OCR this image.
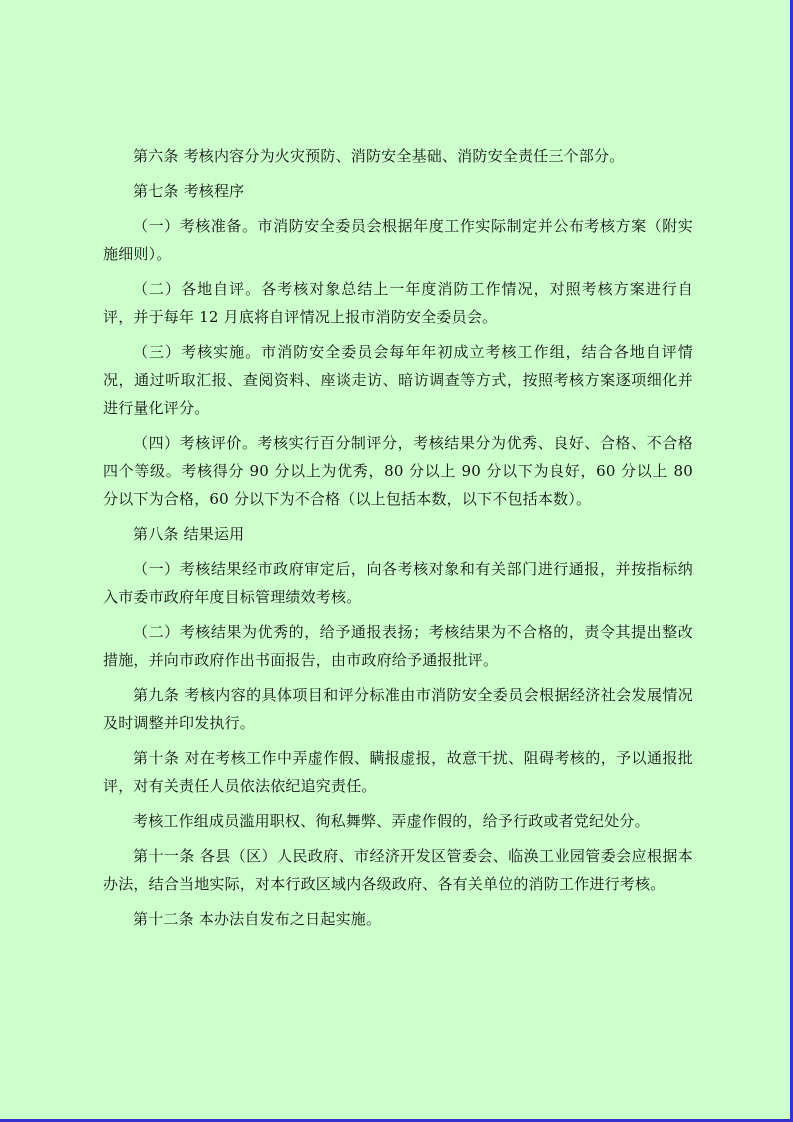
第六条 考核内容分为火灾预防、消防安全基础、消防安全责任三个部分。

第七条 考核程序

（一）考核准备。市消防安全委员会根据年度工作实际制定并公布考核方案（附实施细则）。

（二）各地自评。各考核对象总结上一年度消防工作情况，对照考核方案进行自评，并于每年 12 月底将自评情况上报市消防安全委员会。

（三）考核实施。市消防安全委员会每年年初成立考核工作组，结合各地自评情况，通过听取汇报、查阅资料、座谈走访、暗访调查等方式，按照考核方案逐项细化并进行量化评分。

（四）考核评价。考核实行百分制评分，考核结果分为优秀、良好、合格、不合格四个等级。考核得分 90 分以上为优秀，80 分以上 90 分以下为良好，60 分以上 80 分以下为合格，60 分以下为不合格（以上包括本数，以下不包括本数）。

第八条 结果运用

（一）考核结果经市政府审定后，向各考核对象和有关部门进行通报，并按指标纳入市委市政府年度目标管理绩效考核。

（二）考核结果为优秀的，给予通报表扬；考核结果为不合格的，责令其提出整改措施，并向市政府作出书面报告，由市政府给予通报批评。

第九条 考核内容的具体项目和评分标准由市消防安全委员会根据经济社会发展情况及时调整并印发执行。

第十条 对在考核工作中弄虚作假、瞒报虚报，故意干扰、阻碍考核的，予以通报批评，对有关责任人员依法依纪追究责任。

考核工作组成员滥用职权、徇私舞弊、弄虚作假的，给予行政或者党纪处分。

第十一条 各县（区）人民政府、市经济开发区管委会、临涣工业园管委会应根据本办法，结合当地实际，对本行政区域内各级政府、各有关单位的消防工作进行考核。

第十二条 本办法自发布之日起实施。
